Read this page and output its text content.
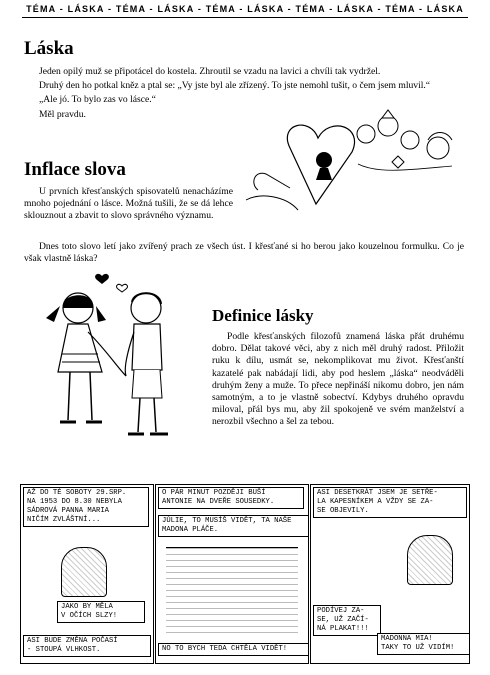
TÉMA - LÁSKA - TÉMA - LÁSKA - TÉMA - LÁSKA - TÉMA - LÁSKA - TÉMA - LÁSKA
Láska

Jeden opilý muž se připotácel do kostela. Zhroutil se vzadu na lavici a chvíli tak vydržel.

Druhý den ho potkal kněz a ptal se: „Vy jste byl ale zřízený. To jste nemohl tušit, o čem jsem mluvil.“

„Ale jó. To bylo zas vo lásce.“

Měl pravdu.

Inflace slova

U prvních křesťanských spisovatelů nenacházíme mnoho pojednání o lásce. Možná tušili, že se dá lehce sklouznout a zbavit to slovo správného významu.

Dnes toto slovo letí jako zvířený prach ze všech úst. I křesťané si ho berou jako kouzelnou formulku. Co je však vlastně láska?

Definice lásky

Podle křesťanských filozofů znamená láska přát druhému dobro. Dělat takové věci, aby z nich měl druhý radost. Přiložit ruku k dílu, usmát se, nekomplikovat mu život. Křesťanští kazatelé pak nabádají lidi, aby pod heslem „láska“ neodváděli druhým ženy a muže. To přece nepřináší nikomu dobro, jen nám samotným, a to je vlastně sobectví. Kdybys druhého opravdu miloval, přál bys mu, aby žil spokojeně ve svém manželství a nerozbil všechno a šel za tebou.

AŽ DO TÉ SOBOTY 29.SRP.
NA 1953 DO 8.30 NEBYLA
SÁDROVÁ PANNA MARIA
NIČÍM ZVLÁŠTNÍ...
JAKO BY MĚLA
V OČÍCH SLZY!
ASI BUDE ZMĚNA POČASÍ
- STOUPÁ VLHKOST.
O PÁR MINUT POZDĚJI BUŠÍ
ANTONIE NA DVEŘE SOUSEDKY.
JÚLIE, TO MUSÍŠ VIDĚT, TA NAŠE
MADONA PLÁČE.
NO TO BYCH TEDA CHTĚLA VIDĚT!
ASI DESETKRÁT JSEM JE SETŘE-
LA KAPESNÍKEM A VŽDY SE ZA-
SE OBJEVILY.
PODÍVEJ ZA-
SE, UŽ ZAČÍ-
NÁ PLAKAT!!!
MADONNA MIA!
TAKY TO UŽ VIDÍM!
